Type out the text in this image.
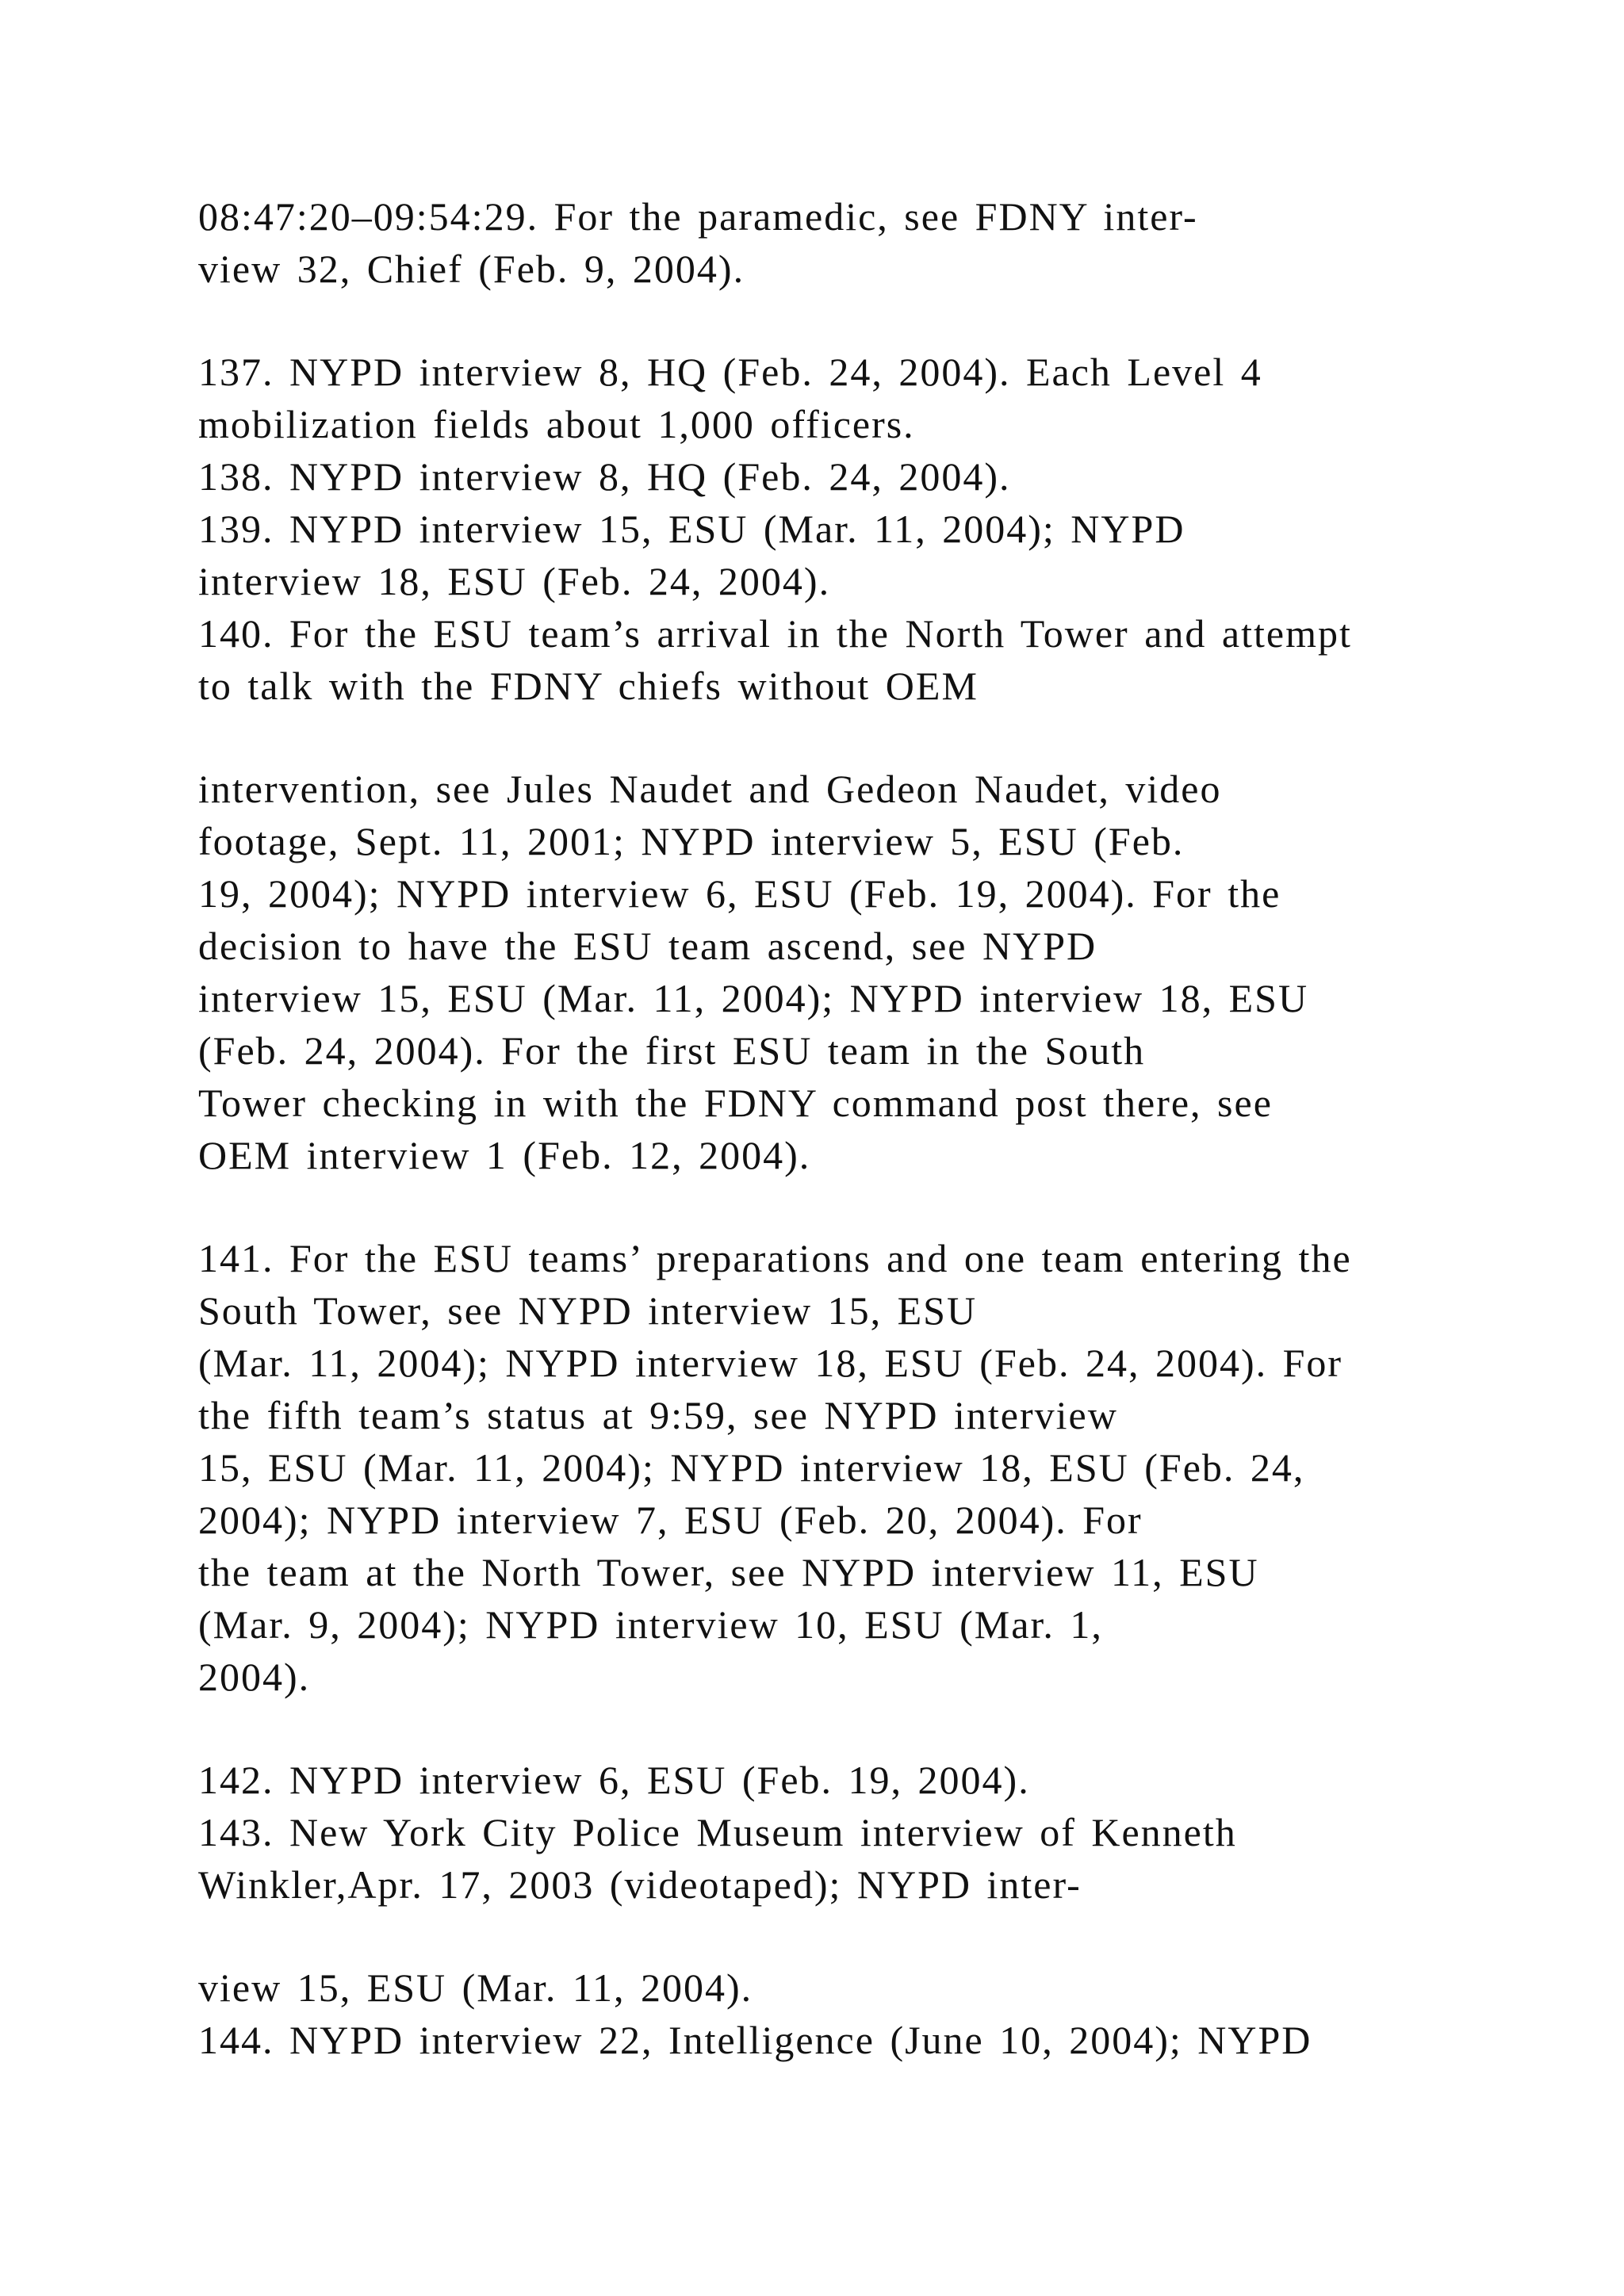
08:47:20–09:54:29. For the paramedic, see FDNY inter-
view 32, Chief (Feb. 9, 2004).
137. NYPD interview 8, HQ (Feb. 24, 2004). Each Level 4
mobilization fields about 1,000 officers.
138. NYPD interview 8, HQ (Feb. 24, 2004).
139. NYPD interview 15, ESU (Mar. 11, 2004); NYPD
interview 18, ESU (Feb. 24, 2004).
140. For the ESU team’s arrival in the North Tower and attempt
to talk with the FDNY chiefs without OEM
intervention, see Jules Naudet and Gedeon Naudet, video
footage, Sept. 11, 2001; NYPD interview 5, ESU (Feb.
19, 2004); NYPD interview 6, ESU (Feb. 19, 2004). For the
decision to have the ESU team ascend, see NYPD
interview 15, ESU (Mar. 11, 2004); NYPD interview 18, ESU
(Feb. 24, 2004). For the first ESU team in the South
Tower checking in with the FDNY command post there, see
OEM interview 1 (Feb. 12, 2004).
141. For the ESU teams’ preparations and one team entering the
South Tower, see NYPD interview 15, ESU
(Mar. 11, 2004); NYPD interview 18, ESU (Feb. 24, 2004). For
the fifth team’s status at 9:59, see NYPD interview
15, ESU (Mar. 11, 2004); NYPD interview 18, ESU (Feb. 24,
2004); NYPD interview 7, ESU (Feb. 20, 2004). For
the team at the North Tower, see NYPD interview 11, ESU
(Mar. 9, 2004); NYPD interview 10, ESU (Mar. 1,
2004).
142. NYPD interview 6, ESU (Feb. 19, 2004).
143. New York City Police Museum interview of Kenneth
Winkler,Apr. 17, 2003 (videotaped); NYPD inter-
view 15, ESU (Mar. 11, 2004).
144. NYPD interview 22, Intelligence (June 10, 2004); NYPD
